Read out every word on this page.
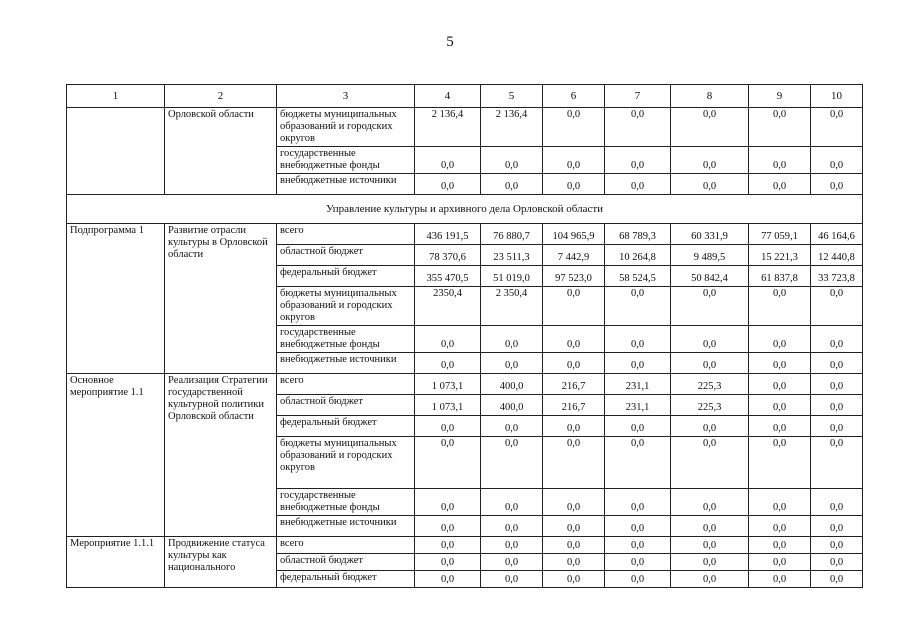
5
1	2	3	4	5	6	7	8	9	10
	Орловской области	бюджеты муниципальных образований и городских округов	2 136,4	2 136,4	0,0	0,0	0,0	0,0	0,0
		государственные внебюджетные фонды	0,0	0,0	0,0	0,0	0,0	0,0	0,0
		внебюджетные источники	0,0	0,0	0,0	0,0	0,0	0,0	0,0
Управление культуры и архивного дела Орловской области									
Подпрограмма 1	Развитие отрасли культуры в Орловской области	всего	436 191,5	76 880,7	104 965,9	68 789,3	60 331,9	77 059,1	46 164,6
		областной бюджет	78 370,6	23 511,3	7 442,9	10 264,8	9 489,5	15 221,3	12 440,8
		федеральный бюджет	355 470,5	51 019,0	97 523,0	58 524,5	50 842,4	61 837,8	33 723,8
		бюджеты муниципальных образований и городских округов	2350,4	2 350,4	0,0	0,0	0,0	0,0	0,0
		государственные внебюджетные фонды	0,0	0,0	0,0	0,0	0,0	0,0	0,0
		внебюджетные источники	0,0	0,0	0,0	0,0	0,0	0,0	0,0
Основное мероприятие 1.1	Реализация Стратегии государственной культурной политики Орловской области	всего	1 073,1	400,0	216,7	231,1	225,3	0,0	0,0
		областной бюджет	1 073,1	400,0	216,7	231,1	225,3	0,0	0,0
		федеральный бюджет	0,0	0,0	0,0	0,0	0,0	0,0	0,0
		бюджеты муниципальных образований и городских округов	0,0	0,0	0,0	0,0	0,0	0,0	0,0
		государственные внебюджетные фонды	0,0	0,0	0,0	0,0	0,0	0,0	0,0
		внебюджетные источники	0,0	0,0	0,0	0,0	0,0	0,0	0,0
Мероприятие 1.1.1	Продвижение статуса культуры как национального	всего	0,0	0,0	0,0	0,0	0,0	0,0	0,0
		областной бюджет	0,0	0,0	0,0	0,0	0,0	0,0	0,0
		федеральный бюджет	0,0	0,0	0,0	0,0	0,0	0,0	0,0
